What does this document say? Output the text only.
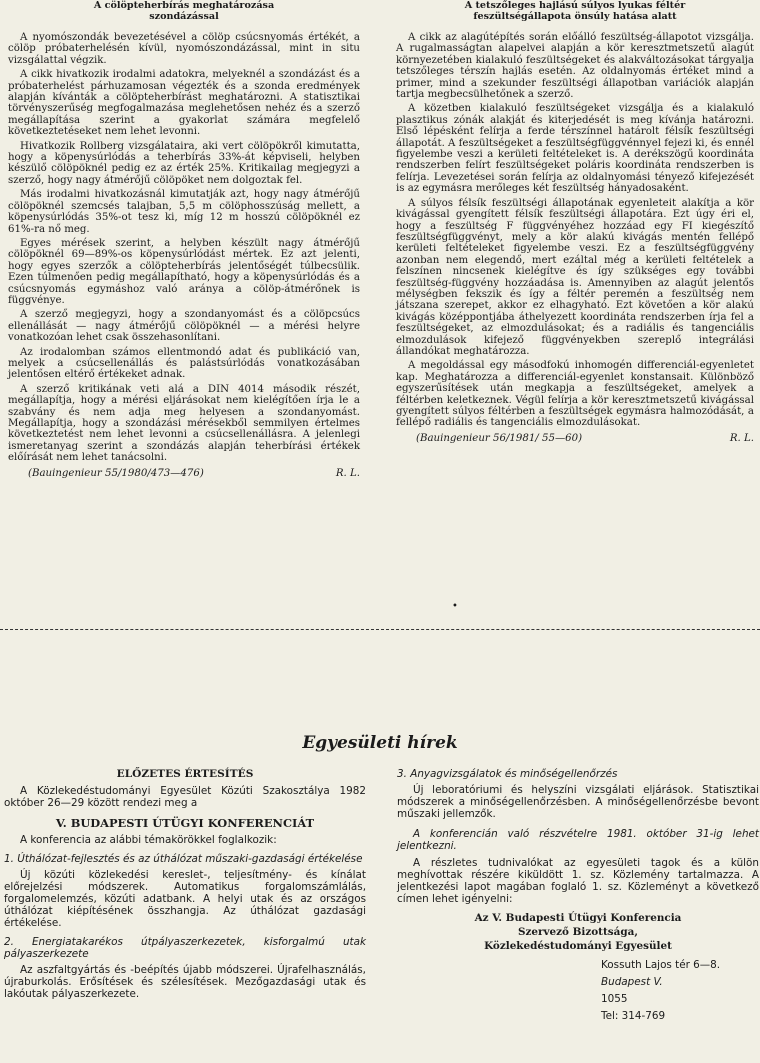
A cölöpteherbírás meghatározása
szondázással

A nyomószondák bevezetésével a cölöp csúcsnyomás értékét, a cölöp próbaterhelésén kívül, nyomószondázással, mint in situ vizsgálattal végzik.

A cikk hivatkozik irodalmi adatokra, melyeknél a szondázást és a próbaterhelést párhuzamosan végezték és a szonda eredmények alapján kívánták a cölöpteherbírást meghatározni. A statisztikai törvényszerűség megfogalmazása meglehetősen nehéz és a szerző megállapítása szerint a gyakorlat számára megfelelő következtetéseket nem lehet levonni.

Hivatkozik Rollberg vizsgálataira, aki vert cölöpökről kimutatta, hogy a köpenysúrlódás a teherbírás 33%-át képviseli, helyben készülő cölöpöknél pedig ez az érték 25%. Kritikailag megjegyzi a szerző, hogy nagy átmérőjű cölöpöket nem dolgoztak fel.

Más irodalmi hivatkozásnál kimutatják azt, hogy nagy átmérőjű cölöpöknél szemcsés talajban, 5,5 m cölöphosszúság mellett, a köpenysúrlódás 35%-ot tesz ki, míg 12 m hosszú cölöpöknél ez 61%-ra nő meg.

Egyes mérések szerint, a helyben készült nagy átmérőjű cölöpöknél 69—89%-os köpenysúrlódást mértek. Ez azt jelenti, hogy egyes szerzők a cölöpteherbírás jelentőségét túlbecsülik. Ezen túlmenően pedig megállapítható, hogy a köpenysúrlódás és a csúcsnyomás egymáshoz való aránya a cölöp-átmérőnek is függvénye.

A szerző megjegyzi, hogy a szondanyomást és a cölöpcsúcs ellenállását — nagy átmérőjű cölöpöknél — a mérési helyre vonatkozóan lehet csak összehasonlítani.

Az irodalomban számos ellentmondó adat és publikáció van, melyek a csúcsellenállás és palástsúrlódás vonatkozásában jelentősen eltérő értékeket adnak.

A szerző kritikának veti alá a DIN 4014 második részét, megállapítja, hogy a mérési eljárásokat nem kielégítően írja le a szabvány és nem adja meg helyesen a szondanyomást. Megállapítja, hogy a szondázási mérésekből semmilyen értelmes következtetést nem lehet levonni a csúcsellenállásra. A jelenlegi ismeretanyag szerint a szondázás alapján teherbírási értékek előírását nem lehet tanácsolni.

(Bauingenieur 55/1980/473—476)	R. L.
A tetszőleges hajlású súlyos lyukas féltér
feszültségállapota önsúly hatása alatt

A cikk az alagútépítés során előálló feszültség-állapotot vizsgálja. A rugalmasságtan alapelvei alapján a kör keresztmetszetű alagút környezetében kialakuló feszültségeket és alakváltozásokat tárgyalja tetszőleges térszín hajlás esetén. Az oldalnyomás értéket mind a primer, mind a szekunder feszültségi állapotban variációk alapján tartja megbecsülhetőnek a szerző.

A közetben kialakuló feszültségeket vizsgálja és a kialakuló plasztikus zónák alakját és kiterjedését is meg kívánja határozni. Első lépésként felírja a ferde térszínnel határolt félsík feszültségi állapotát. A feszültségeket a feszültségfüggvénnyel fejezi ki, és ennél figyelembe veszi a kerületi feltételeket is. A derékszögű koordináta rendszerben felírt feszültségeket poláris koordináta rendszerben is felírja. Levezetései során felírja az oldalnyomási tényező kifejezését is az egymásra merőleges két feszültség hányadosaként.

A súlyos félsík feszültségi állapotának egyenleteit alakítja a kör kivágással gyengített félsík feszültségi állapotára. Ezt úgy éri el, hogy a feszültség F függvényéhez hozzáad egy FI kiegészítő feszültségfüggvényt, mely a kör alakú kivágás mentén fellépő kerületi feltételeket figyelembe veszi. Ez a feszültségfüggvény azonban nem elegendő, mert ezáltal még a kerületi feltételek a felszínen nincsenek kielégítve és így szükséges egy további feszültség-függvény hozzáadása is. Amennyiben az alagút jelentős mélységben fekszik és így a féltér peremén a feszültség nem játszana szerepet, akkor ez elhagyható. Ezt követően a kör alakú kivágás középpontjába áthelyezett koordináta rendszerben írja fel a feszültségeket, az elmozdulásokat; és a radiális és tangenciális elmozdulások kifejező függvényekben szereplő integrálási állandókat meghatározza.

A megoldással egy másodfokú inhomogén differenciál-egyenletet kap. Meghatározza a differenciál-egyenlet konstansait. Különböző egyszerűsítések után megkapja a feszültségeket, amelyek a féltérben keletkeznek. Végül felírja a kör keresztmetszetű kivágással gyengített súlyos féltérben a feszültségek egymásra halmozódását, a fellépő radiális és tangenciális elmozdulásokat.

(Bauingenieur 56/1981/ 55—60)	R. L.
•
Egyesületi hírek
ELŐZETES ÉRTESÍTÉS

A Közlekedéstudományi Egyesület Közúti Szakosztálya 1982 október 26—29 között rendezi meg a

V. BUDAPESTI ÚTÜGYI KONFERENCIÁT

A konferencia az alábbi témakörökkel foglalkozik:

1. Úthálózat-fejlesztés és az úthálózat műszaki-gazdasági értékelése

Új közúti közlekedési kereslet-, teljesítmény- és kínálat előrejelzési módszerek. Automatikus forgalomszámlálás, forgalomelemzés, közúti adatbank. A helyi utak és az országos úthálózat kiépítésének összhangja. Az úthálózat gazdasági értékelése.

2. Energiatakarékos útpályaszerkezetek, kisforgalmú utak pályaszerkezete

Az aszfaltgyártás és -beépítés újabb módszerei. Újrafelhasználás, újraburkolás. Erősítések és szélesítések. Mezőgazdasági utak és lakóutak pályaszerkezete.

3. Anyagvizsgálatok és minőségellenőrzés

Új leboratóriumi és helyszíni vizsgálati eljárások. Statisztikai módszerek a minőségellenőrzésben. A minőségellenőrzésbe bevont műszaki jellemzők.

A konferencián való részvételre 1981. október 31-ig lehet jelentkezni.

A részletes tudnivalókat az egyesületi tagok és a külön meghívottak részére kiküldött 1. sz. Közlemény tartalmazza. A jelentkezési lapot magában foglaló 1. sz. Közleményt a következő címen lehet igényelni:

Az V. Budapesti Útügyi Konferencia
Szervező Bizottsága,
Közlekedéstudományi Egyesület
Kossuth Lajos tér 6—8.
Budapest V.
1055
Tel: 314-769
